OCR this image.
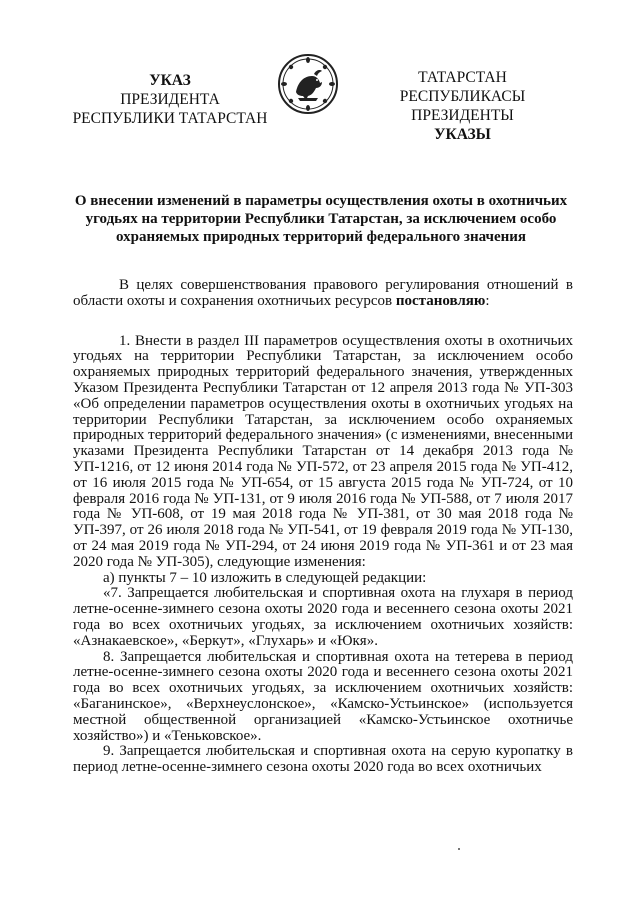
УКАЗ
ПРЕЗИДЕНТА
РЕСПУБЛИКИ ТАТАРСТАН
ТАТАРСТАН РЕСПУБЛИКАСЫ
ПРЕЗИДЕНТЫ
УКАЗЫ
О внесении изменений в параметры осуществления охоты в охотничьих угодьях на территории Республики Татарстан, за исключением особо охраняемых природных территорий федерального значения

В целях совершенствования правового регулирования отношений в области охоты и сохранения охотничьих ресурсов постановляю:

1. Внести в раздел III параметров осуществления охоты в охотничьих угодьях на территории Республики Татарстан, за исключением особо охраняемых природных территорий федерального значения, утвержденных Указом Президента Республики Татарстан от 12 апреля 2013 года № УП-303 «Об определении параметров осуществления охоты в охотничьих угодьях на территории Республики Татарстан, за исключением особо охраняемых природных территорий федерального значения» (с изменениями, внесенными указами Президента Республики Татарстан от 14 декабря 2013 года № УП-1216, от 12 июня 2014 года № УП-572, от 23 апреля 2015 года № УП-412, от 16 июля 2015 года № УП-654, от 15 августа 2015 года № УП-724, от 10 февраля 2016 года № УП-131, от 9 июля 2016 года № УП-588, от 7 июля 2017 года № УП-608, от 19 мая 2018 года № УП-381, от 30 мая 2018 года № УП-397, от 26 июля 2018 года № УП-541, от 19 февраля 2019 года № УП-130, от 24 мая 2019 года № УП-294, от 24 июня 2019 года № УП-361 и от 23 мая 2020 года № УП-305), следующие изменения:

а) пункты 7 – 10 изложить в следующей редакции:

«7. Запрещается любительская и спортивная охота на глухаря в период летне-осенне-зимнего сезона охоты 2020 года и весеннего сезона охоты 2021 года во всех охотничьих угодьях, за исключением охотничьих хозяйств: «Азнакаевское», «Беркут», «Глухарь» и «Юкя».

8. Запрещается любительская и спортивная охота на тетерева в период летне-осенне-зимнего сезона охоты 2020 года и весеннего сезона охоты 2021 года во всех охотничьих угодьях, за исключением охотничьих хозяйств: «Баганинское», «Верхнеуслонское», «Камско-Устьинское» (используется местной общественной организацией «Камско-Устьинское охотничье хозяйство») и «Теньковское».

9. Запрещается любительская и спортивная охота на серую куропатку в период летне-осенне-зимнего сезона охоты 2020 года во всех охотничьих
